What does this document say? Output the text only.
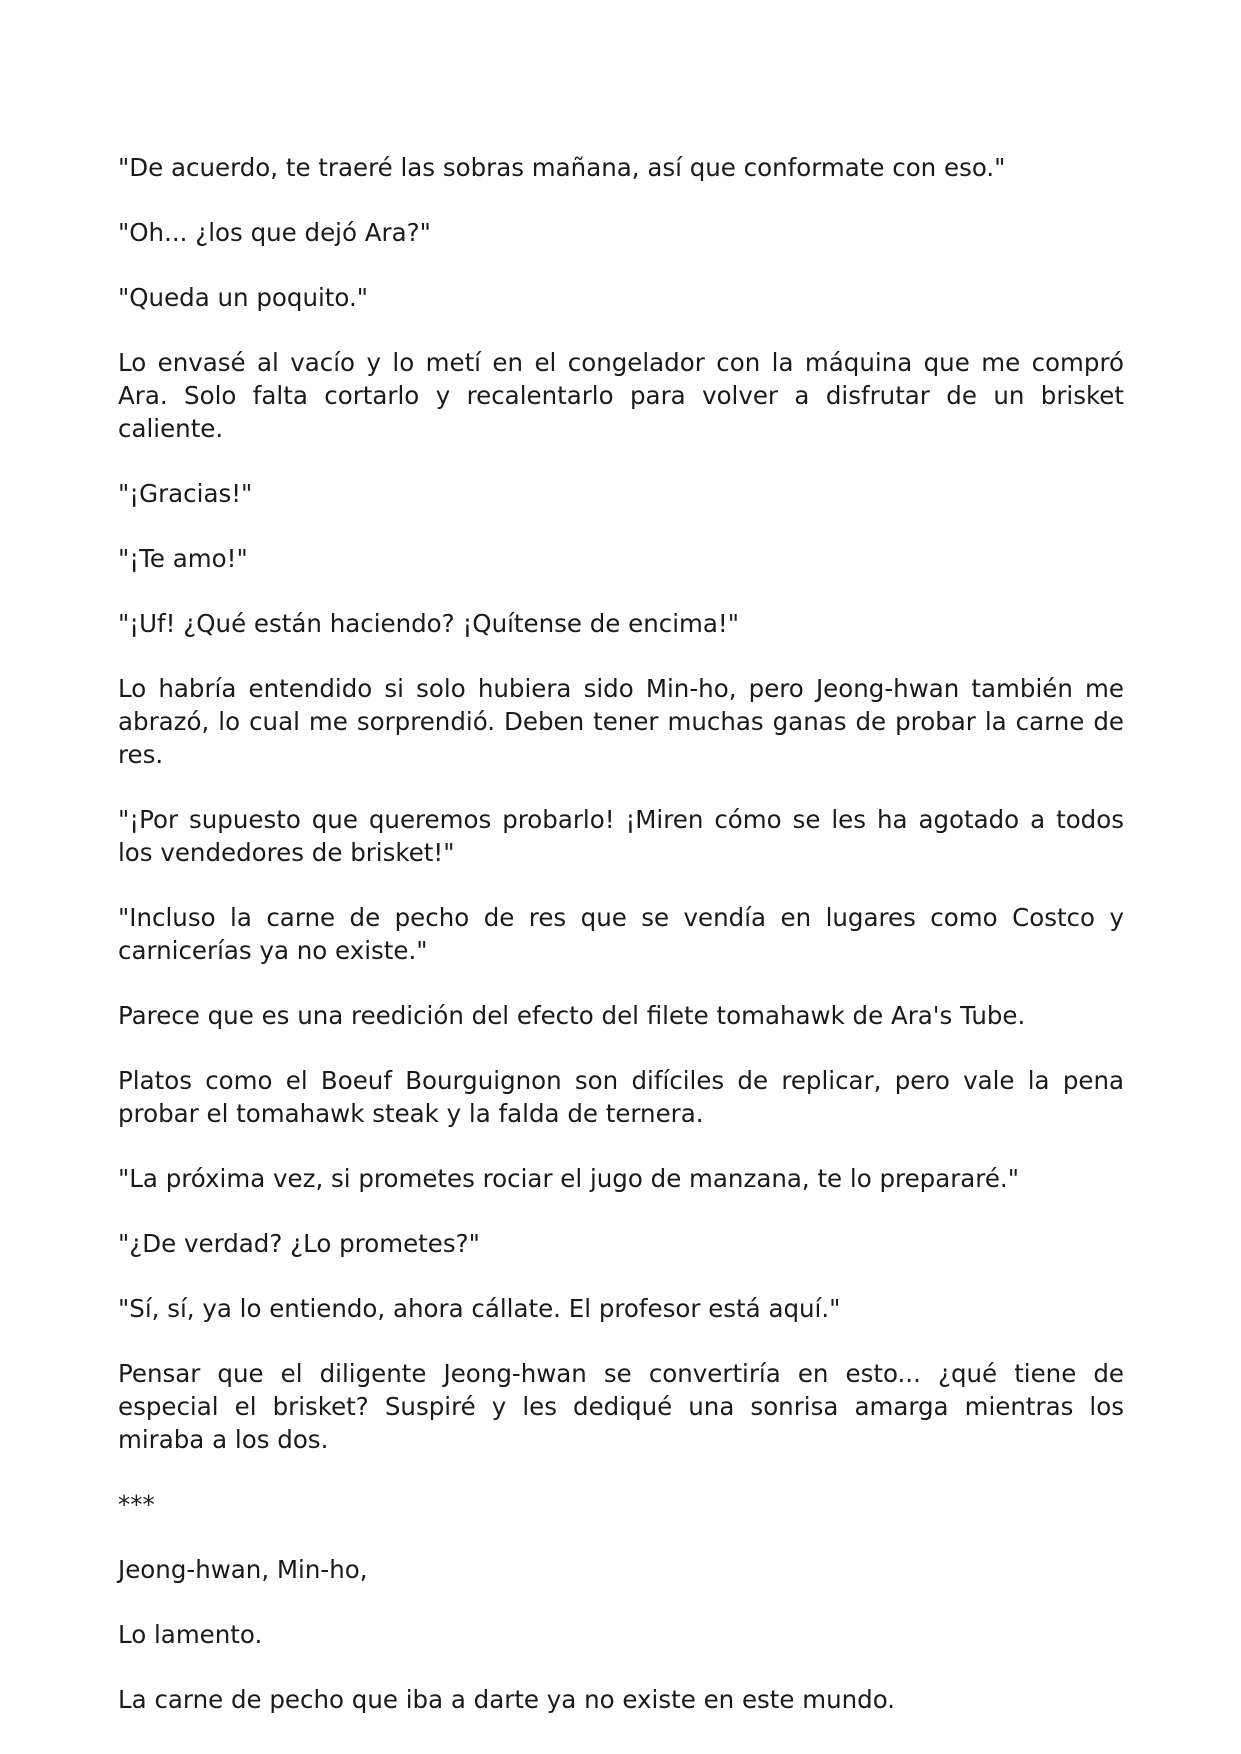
"De acuerdo, te traeré las sobras mañana, así que conformate con eso."

"Oh... ¿los que dejó Ara?"

"Queda un poquito."

Lo envasé al vacío y lo metí en el congelador con la máquina que me compró Ara. Solo falta cortarlo y recalentarlo para volver a disfrutar de un brisket caliente.

"¡Gracias!"

"¡Te amo!"

"¡Uf! ¿Qué están haciendo? ¡Quítense de encima!"

Lo habría entendido si solo hubiera sido Min-ho, pero Jeong-hwan también me abrazó, lo cual me sorprendió. Deben tener muchas ganas de probar la carne de res.

"¡Por supuesto que queremos probarlo! ¡Miren cómo se les ha agotado a todos los vendedores de brisket!"

"Incluso la carne de pecho de res que se vendía en lugares como Costco y carnicerías ya no existe."

Parece que es una reedición del efecto del filete tomahawk de Ara's Tube.

Platos como el Boeuf Bourguignon son difíciles de replicar, pero vale la pena probar el tomahawk steak y la falda de ternera.

"La próxima vez, si prometes rociar el jugo de manzana, te lo prepararé."

"¿De verdad? ¿Lo prometes?"

"Sí, sí, ya lo entiendo, ahora cállate. El profesor está aquí."

Pensar que el diligente Jeong-hwan se convertiría en esto... ¿qué tiene de especial el brisket? Suspiré y les dediqué una sonrisa amarga mientras los miraba a los dos.

***

Jeong-hwan, Min-ho,

Lo lamento.

La carne de pecho que iba a darte ya no existe en este mundo.
